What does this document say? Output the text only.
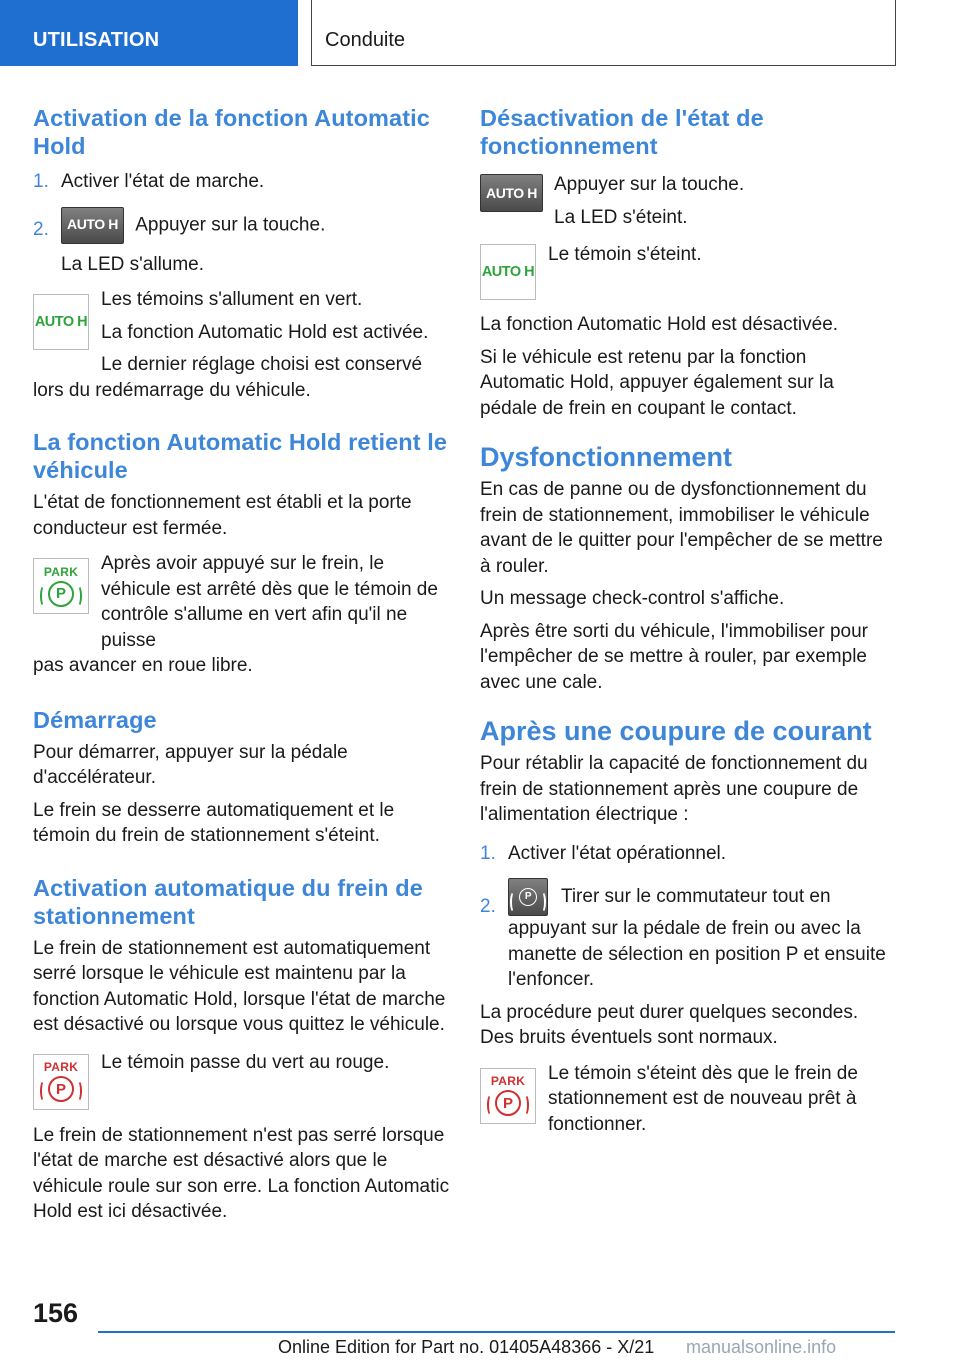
UTILISATION	Conduite
Activation de la fonction Automatic Hold
1. Activer l'état de marche.
2. AUTO H Appuyer sur la touche.
La LED s'allume.
AUTO H
Les témoins s'allument en vert.
La fonction Automatic Hold est activée.
Le dernier réglage choisi est conservé
lors du redémarrage du véhicule.
La fonction Automatic Hold retient le véhicule
L'état de fonctionnement est établi et la porte conducteur est fermée.
PARK
P
Après avoir appuyé sur le frein, le véhicule est arrêté dès que le témoin de contrôle s'allume en vert afin qu'il ne puisse
pas avancer en roue libre.
Démarrage
Pour démarrer, appuyer sur la pédale d'accélérateur.
Le frein se desserre automatiquement et le témoin du frein de stationnement s'éteint.
Activation automatique du frein de stationnement
Le frein de stationnement est automatiquement serré lorsque le véhicule est maintenu par la fonction Automatic Hold, lorsque l'état de marche est désactivé ou lorsque vous quittez le véhicule.
PARK
P
Le témoin passe du vert au rouge.
Le frein de stationnement n'est pas serré lorsque l'état de marche est désactivé alors que le véhicule roule sur son erre. La fonction Automatic Hold est ici désactivée.
Désactivation de l'état de fonctionnement
AUTO H Appuyer sur la touche.
La LED s'éteint.
AUTO H
Le témoin s'éteint.
La fonction Automatic Hold est désactivée.
Si le véhicule est retenu par la fonction Automatic Hold, appuyer également sur la pédale de frein en coupant le contact.
Dysfonctionnement
En cas de panne ou de dysfonctionnement du frein de stationnement, immobiliser le véhicule avant de le quitter pour l'empêcher de se mettre à rouler.
Un message check-control s'affiche.
Après être sorti du véhicule, l'immobiliser pour l'empêcher de se mettre à rouler, par exemple avec une cale.
Après une coupure de courant
Pour rétablir la capacité de fonctionnement du frein de stationnement après une coupure de l'alimentation électrique :
1. Activer l'état opérationnel.
2.	P	Tirer sur le commutateur tout en appuyant sur la pédale de frein ou avec la manette de sélection en position P et ensuite l'enfoncer.
La procédure peut durer quelques secondes. Des bruits éventuels sont normaux.
PARK
P
Le témoin s'éteint dès que le frein de stationnement est de nouveau prêt à fonctionner.
156
Online Edition for Part no. 01405A48366 - X/21 manualsonline.info
